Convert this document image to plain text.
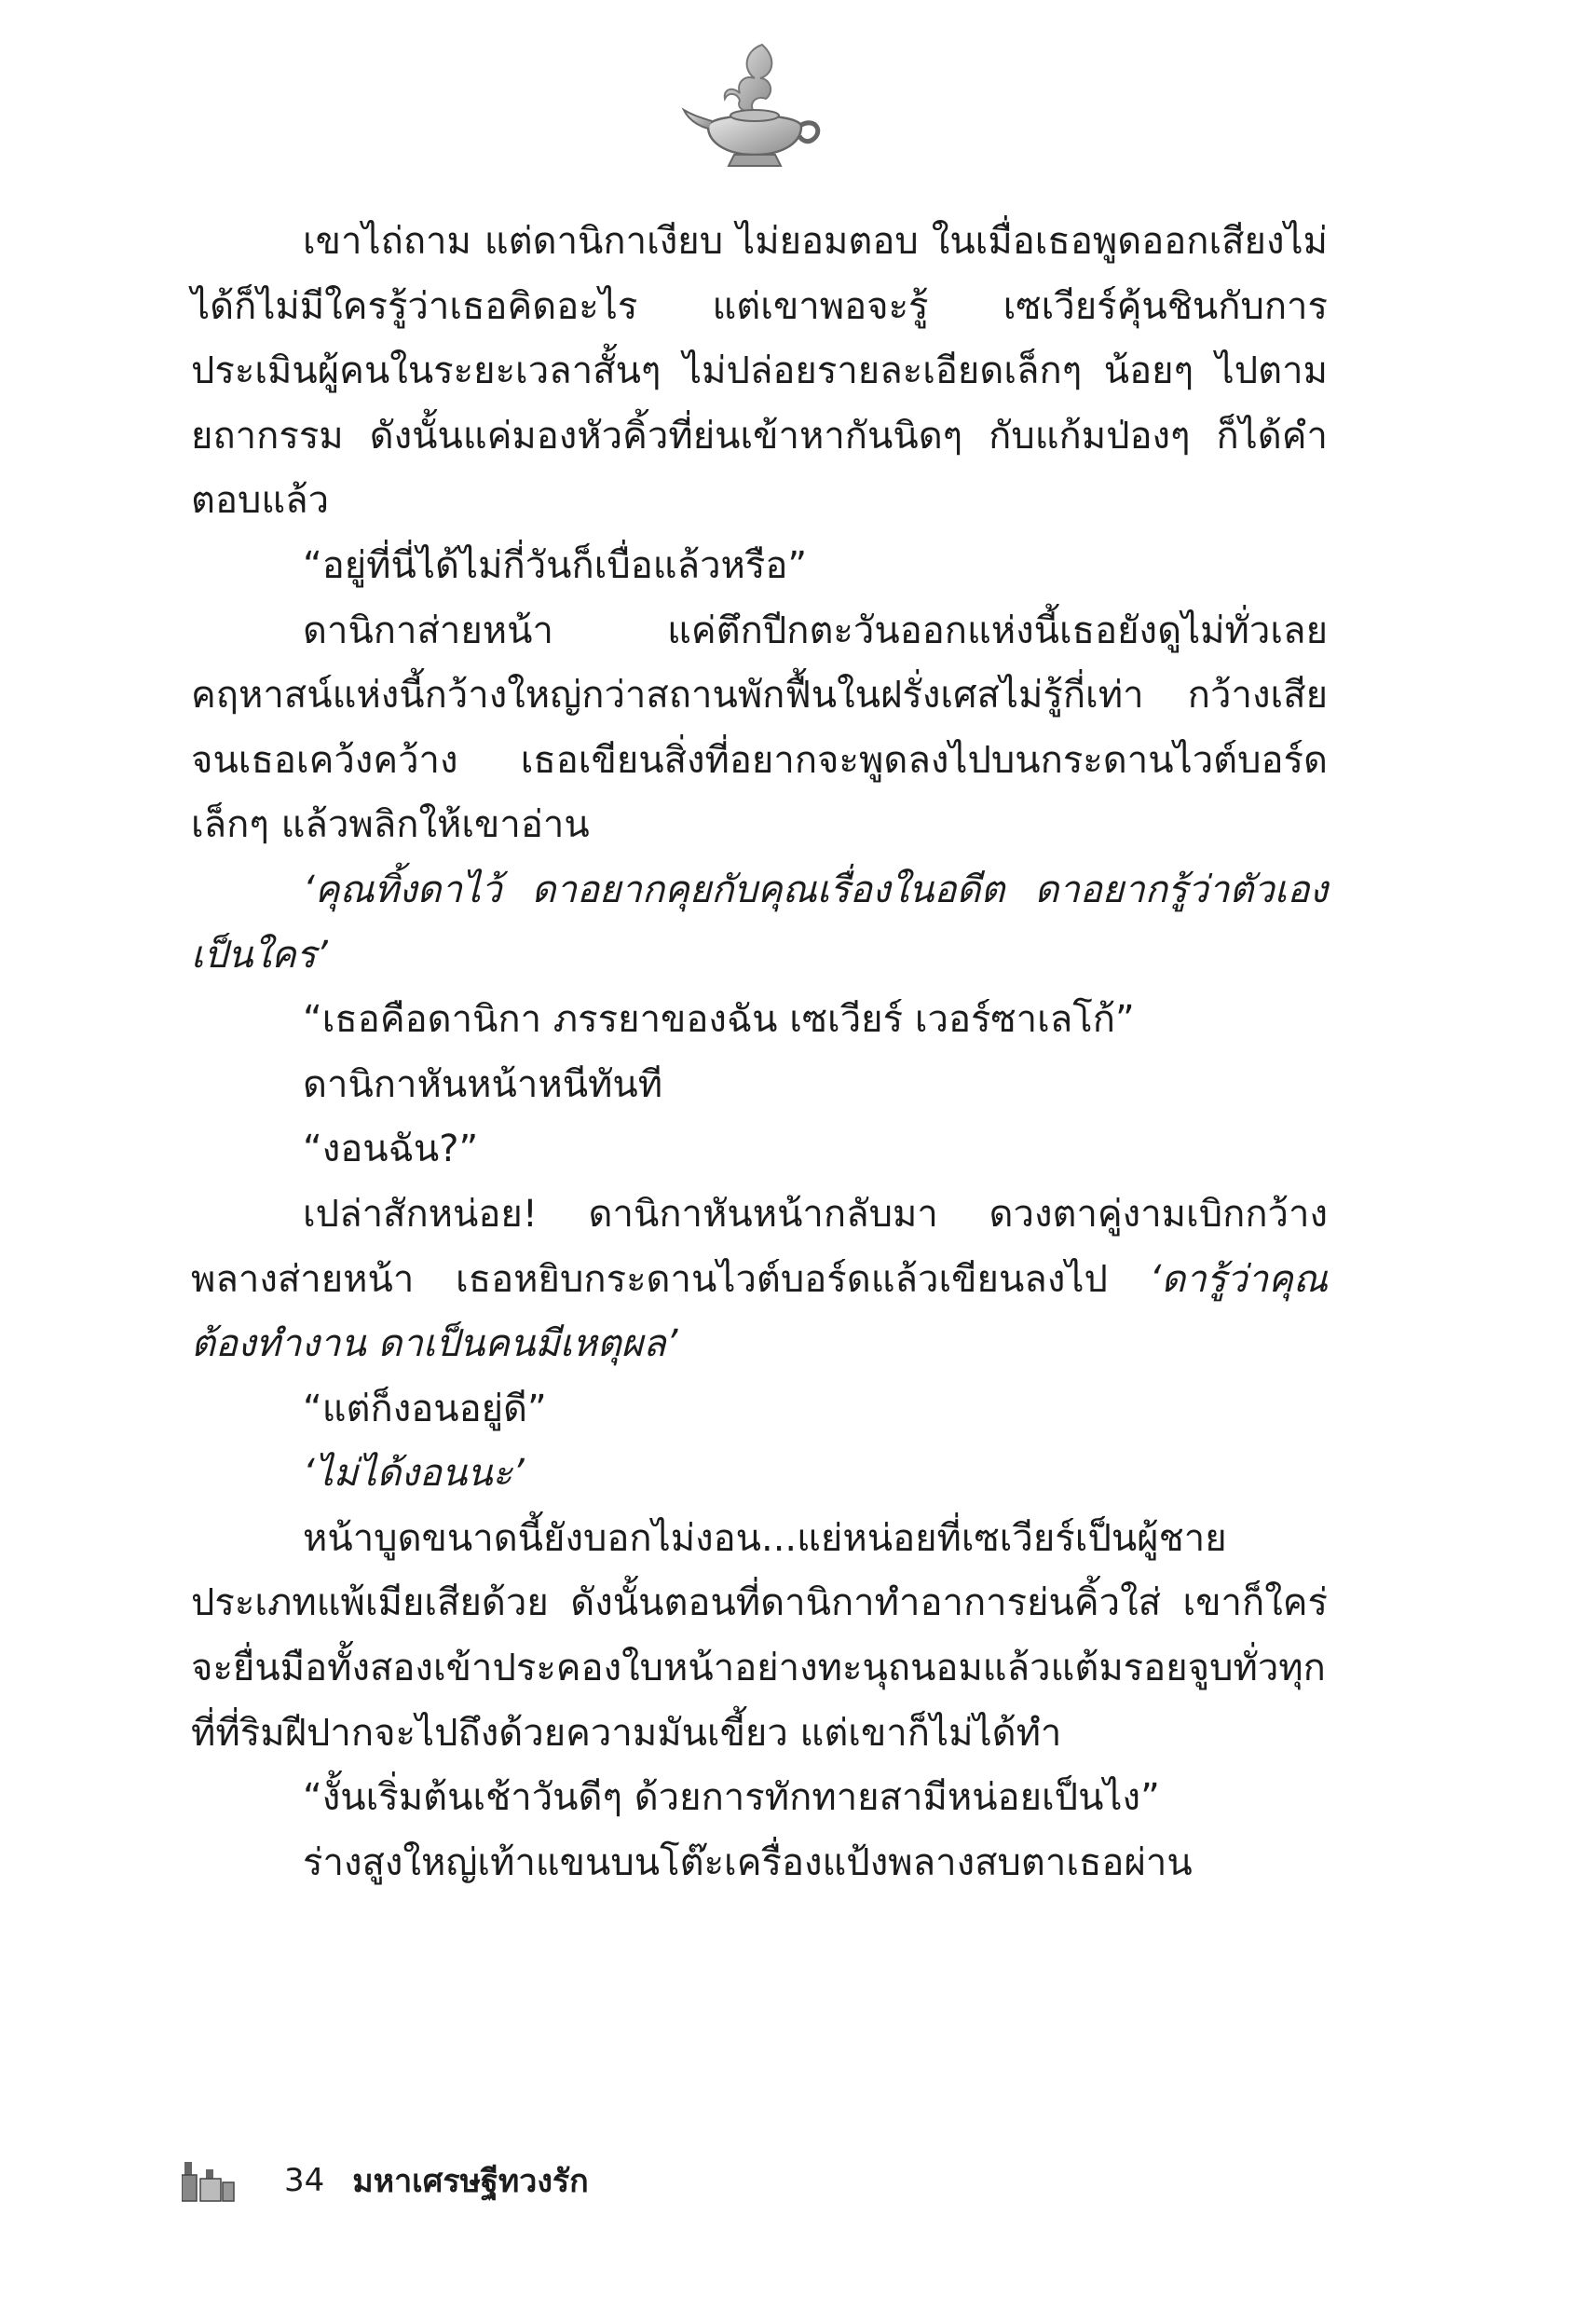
เขาไถ่ถาม แต่ดานิกาเงียบ ไม่ยอมตอบ ในเมื่อเธอพูดออกเสียงไม่ได้ก็ไม่มีใครรู้ว่าเธอคิดอะไร แต่เขาพอจะรู้ เซเวียร์คุ้นชินกับการประเมินผู้คนในระยะเวลาสั้นๆ ไม่ปล่อยรายละเอียดเล็กๆ น้อยๆ ไปตามยถากรรม ดังนั้นแค่มองหัวคิ้วที่ย่นเข้าหากันนิดๆ กับแก้มป่องๆ ก็ได้คำตอบแล้ว

“อยู่ที่นี่ได้ไม่กี่วันก็เบื่อแล้วหรือ”

ดานิกาส่ายหน้า แค่ตึกปีกตะวันออกแห่งนี้เธอยังดูไม่ทั่วเลย คฤหาสน์แห่งนี้กว้างใหญ่กว่าสถานพักฟื้นในฝรั่งเศสไม่รู้กี่เท่า กว้างเสียจนเธอเคว้งคว้าง เธอเขียนสิ่งที่อยากจะพูดลงไปบนกระดานไวต์บอร์ดเล็กๆ แล้วพลิกให้เขาอ่าน

‘คุณทิ้งดาไว้ ดาอยากคุยกับคุณเรื่องในอดีต ดาอยากรู้ว่าตัวเองเป็นใคร’

“เธอคือดานิกา ภรรยาของฉัน เซเวียร์ เวอร์ซาเลโก้”

ดานิกาหันหน้าหนีทันที

“งอนฉัน?”

เปล่าสักหน่อย! ดานิกาหันหน้ากลับมา ดวงตาคู่งามเบิกกว้างพลางส่ายหน้า เธอหยิบกระดานไวต์บอร์ดแล้วเขียนลงไป ‘ดารู้ว่าคุณต้องทำงาน ดาเป็นคนมีเหตุผล’

“แต่ก็งอนอยู่ดี”

‘ไม่ได้งอนนะ’

หน้าบูดขนาดนี้ยังบอกไม่งอน...แย่หน่อยที่เซเวียร์เป็นผู้ชายประเภทแพ้เมียเสียด้วย ดังนั้นตอนที่ดานิกาทำอาการย่นคิ้วใส่ เขาก็ใคร่จะยื่นมือทั้งสองเข้าประคองใบหน้าอย่างทะนุถนอมแล้วแต้มรอยจูบทั่วทุกที่ที่ริมฝีปากจะไปถึงด้วยความมันเขี้ยว แต่เขาก็ไม่ได้ทำ

“งั้นเริ่มต้นเช้าวันดีๆ ด้วยการทักทายสามีหน่อยเป็นไง”

ร่างสูงใหญ่เท้าแขนบนโต๊ะเครื่องแป้งพลางสบตาเธอผ่าน

34 มหาเศรษฐีทวงรัก
